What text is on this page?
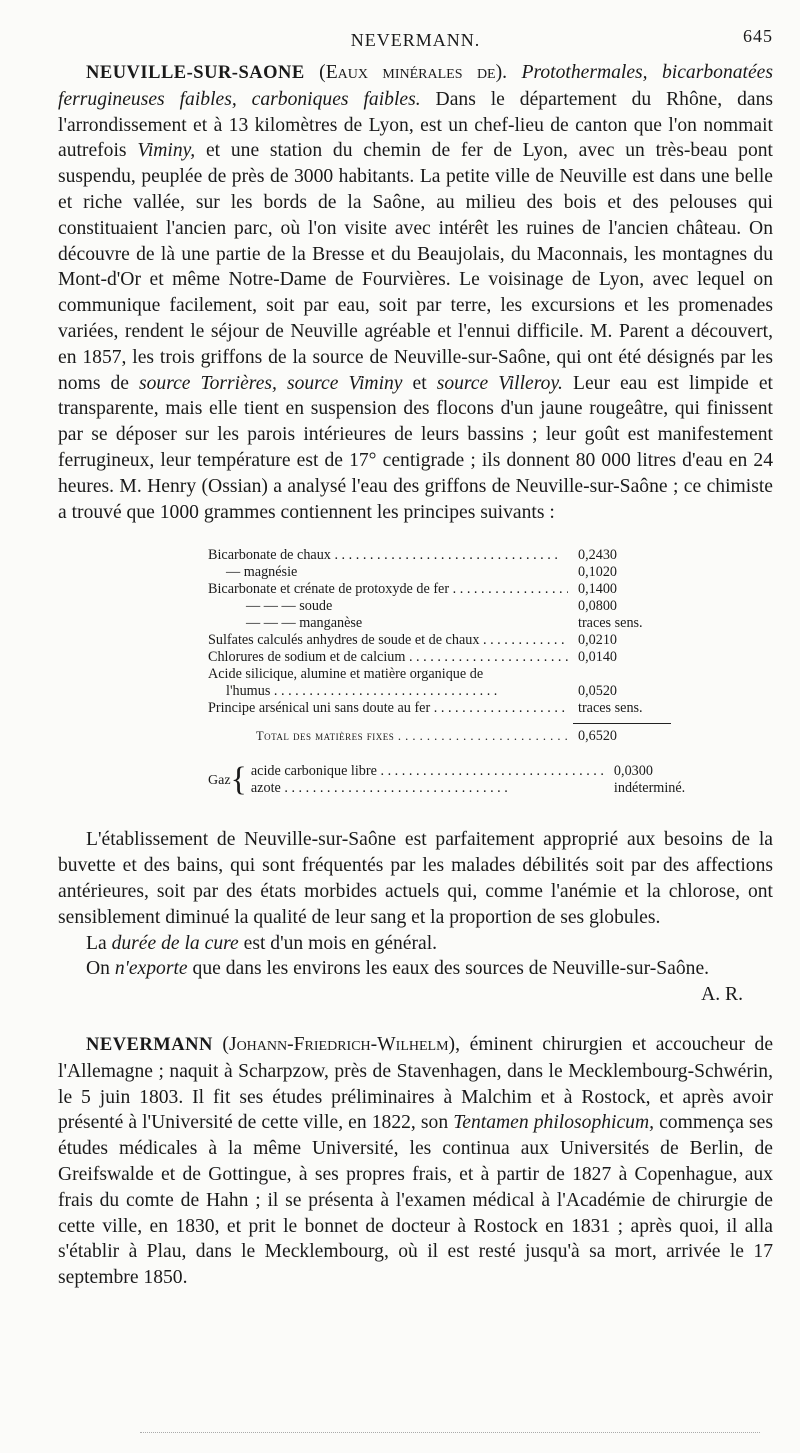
NEVERMANN.	645

NEUVILLE-SUR-SAONE (Eaux minérales de). Protothermales, bicarbonatées ferrugineuses faibles, carboniques faibles. Dans le département du Rhône, dans l'arrondissement et à 13 kilomètres de Lyon, est un chef-lieu de canton que l'on nommait autrefois Viminy, et une station du chemin de fer de Lyon, avec un très-beau pont suspendu, peuplée de près de 3000 habitants. La petite ville de Neuville est dans une belle et riche vallée, sur les bords de la Saône, au milieu des bois et des pelouses qui constituaient l'ancien parc, où l'on visite avec intérêt les ruines de l'ancien château. On découvre de là une partie de la Bresse et du Beaujolais, du Maconnais, les montagnes du Mont-d'Or et même Notre-Dame de Fourvières. Le voisinage de Lyon, avec lequel on communique facilement, soit par eau, soit par terre, les excursions et les promenades variées, rendent le séjour de Neuville agréable et l'ennui difficile. M. Parent a découvert, en 1857, les trois griffons de la source de Neuville-sur-Saône, qui ont été désignés par les noms de source Torrières, source Viminy et source Villeroy. Leur eau est limpide et transparente, mais elle tient en suspension des flocons d'un jaune rougeâtre, qui finissent par se déposer sur les parois intérieures de leurs bassins ; leur goût est manifestement ferrugineux, leur température est de 17° centigrade ; ils donnent 80 000 litres d'eau en 24 heures. M. Henry (Ossian) a analysé l'eau des griffons de Neuville-sur-Saône ; ce chimiste a trouvé que 1000 grammes contiennent les principes suivants :

Bicarbonate de chaux . . .	0,2430
— magnésie	0,1020
Bicarbonate et crénate de protoxyde de fer . . .	0,1400
— — — soude	0,0800
— — — manganèse	traces sens.
Sulfates calculés anhydres de soude et de chaux . . .	0,0210
Chlorures de sodium et de calcium . . .	0,0140
Acide silicique, alumine et matière organique de
l'humus . . .	0,0520
Principe arsénical uni sans doute au fer . . .	traces sens.
Total des matières fixes . . .	0,6520
Gaz { acide carbonique libre . . .	0,0300
azote . . .	indéterminé.

L'établissement de Neuville-sur-Saône est parfaitement approprié aux besoins de la buvette et des bains, qui sont fréquentés par les malades débilités soit par des affections antérieures, soit par des états morbides actuels qui, comme l'anémie et la chlorose, ont sensiblement diminué la qualité de leur sang et la proportion de ses globules.

La durée de la cure est d'un mois en général.

On n'exporte que dans les environs les eaux des sources de Neuville-sur-Saône.

A. R.

NEVERMANN (Johann-Friedrich-Wilhelm), éminent chirurgien et accoucheur de l'Allemagne ; naquit à Scharpzow, près de Stavenhagen, dans le Mecklembourg-Schwérin, le 5 juin 1803. Il fit ses études préliminaires à Malchim et à Rostock, et après avoir présenté à l'Université de cette ville, en 1822, son Tentamen philosophicum, commença ses études médicales à la même Université, les continua aux Universités de Berlin, de Greifswalde et de Gottingue, à ses propres frais, et à partir de 1827 à Copenhague, aux frais du comte de Hahn ; il se présenta à l'examen médical à l'Académie de chirurgie de cette ville, en 1830, et prit le bonnet de docteur à Rostock en 1831 ; après quoi, il alla s'établir à Plau, dans le Mecklembourg, où il est resté jusqu'à sa mort, arrivée le 17 septembre 1850.
